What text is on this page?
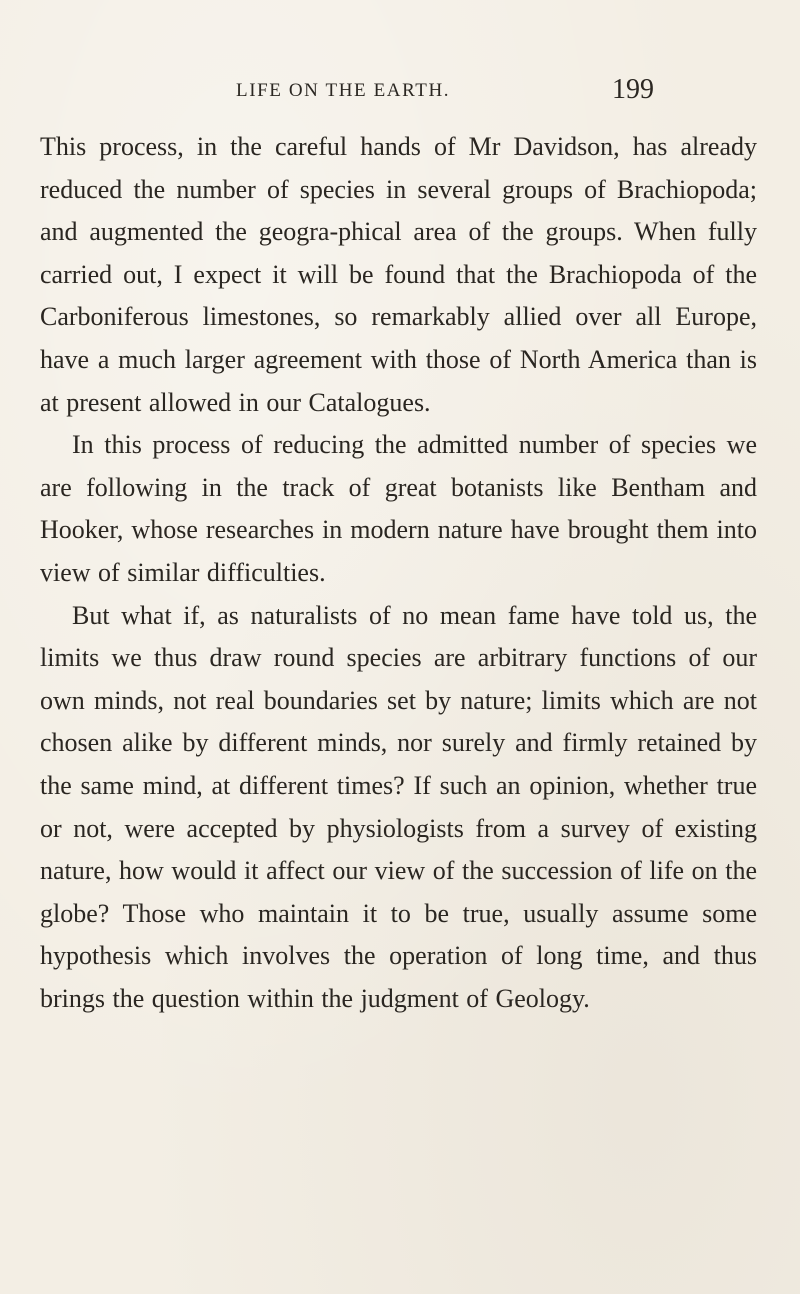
LIFE ON THE EARTH.	199

This process, in the careful hands of Mr Davidson, has already reduced the number of species in several groups of Brachiopoda; and augmented the geogra-phical area of the groups. When fully carried out, I expect it will be found that the Brachiopoda of the Carboniferous limestones, so remarkably allied over all Europe, have a much larger agreement with those of North America than is at present allowed in our Catalogues.

In this process of reducing the admitted number of species we are following in the track of great botanists like Bentham and Hooker, whose researches in modern nature have brought them into view of similar difficulties.

But what if, as naturalists of no mean fame have told us, the limits we thus draw round species are arbitrary functions of our own minds, not real boundaries set by nature; limits which are not chosen alike by different minds, nor surely and firmly retained by the same mind, at different times? If such an opinion, whether true or not, were accepted by physiologists from a survey of existing nature, how would it affect our view of the succession of life on the globe? Those who maintain it to be true, usually assume some hypothesis which involves the operation of long time, and thus brings the question within the judgment of Geology.
